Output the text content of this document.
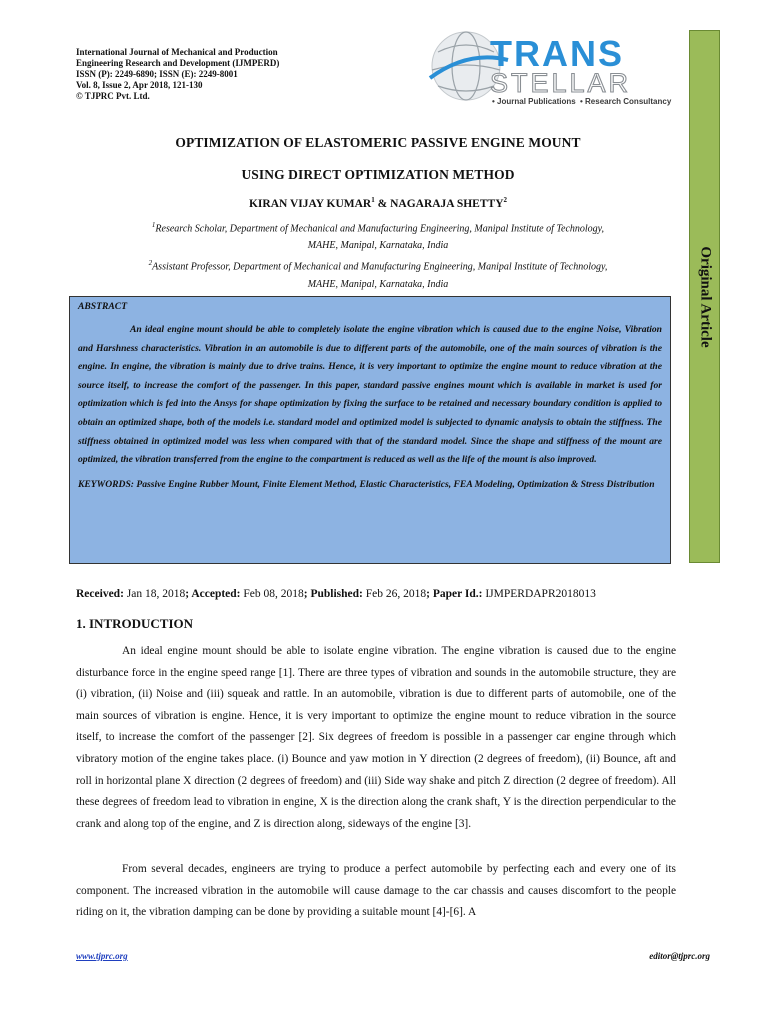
International Journal of Mechanical and Production
Engineering Research and Development (IJMPERD)
ISSN (P): 2249-6890; ISSN (E): 2249-8001
Vol. 8, Issue 2, Apr 2018, 121-130
© TJPRC Pvt. Ltd.
TRANS
STELLAR
• Journal Publications • Research Consultancy
Original Article
OPTIMIZATION OF ELASTOMERIC PASSIVE ENGINE MOUNT
USING DIRECT OPTIMIZATION METHOD
KIRAN VIJAY KUMAR$^1$ & NAGARAJA SHETTY$^2$
$^1$Research Scholar, Department of Mechanical and Manufacturing Engineering, Manipal Institute of Technology,
MAHE, Manipal, Karnataka, India
$^2$Assistant Professor, Department of Mechanical and Manufacturing Engineering, Manipal Institute of Technology,
MAHE, Manipal, Karnataka, India
ABSTRACT
An ideal engine mount should be able to completely isolate the engine vibration which is caused due to the engine Noise, Vibration and Harshness characteristics. Vibration in an automobile is due to different parts of the automobile, one of the main sources of vibration is the engine. In engine, the vibration is mainly due to drive trains. Hence, it is very important to optimize the engine mount to reduce vibration at the source itself, to increase the comfort of the passenger. In this paper, standard passive engines mount which is available in market is used for optimization which is fed into the Ansys for shape optimization by fixing the surface to be retained and necessary boundary condition is applied to obtain an optimized shape, both of the models i.e. standard model and optimized model is subjected to dynamic analysis to obtain the stiffness. The stiffness obtained in optimized model was less when compared with that of the standard model. Since the shape and stiffness of the mount are optimized, the vibration transferred from the engine to the compartment is reduced as well as the life of the mount is also improved.
KEYWORDS: Passive Engine Rubber Mount, Finite Element Method, Elastic Characteristics, FEA Modeling, Optimization & Stress Distribution
Received: Jan 18, 2018; Accepted: Feb 08, 2018; Published: Feb 26, 2018; Paper Id.: IJMPERDAPR2018013
1. INTRODUCTION

An ideal engine mount should be able to isolate engine vibration. The engine vibration is caused due to the engine disturbance force in the engine speed range [1]. There are three types of vibration and sounds in the automobile structure, they are (i) vibration, (ii) Noise and (iii) squeak and rattle. In an automobile, vibration is due to different parts of automobile, one of the main sources of vibration is engine. Hence, it is very important to optimize the engine mount to reduce vibration in the source itself, to increase the comfort of the passenger [2]. Six degrees of freedom is possible in a passenger car engine through which vibratory motion of the engine takes place. (i) Bounce and yaw motion in Y direction (2 degrees of freedom), (ii) Bounce, aft and roll in horizontal plane X direction (2 degrees of freedom) and (iii) Side way shake and pitch Z direction (2 degree of freedom). All these degrees of freedom lead to vibration in engine, X is the direction along the crank shaft, Y is the direction perpendicular to the crank and along top of the engine, and Z is direction along, sideways of the engine [3].

From several decades, engineers are trying to produce a perfect automobile by perfecting each and every one of its component. The increased vibration in the automobile will cause damage to the car chassis and causes discomfort to the people riding on it, the vibration damping can be done by providing a suitable mount [4]-[6]. A

www.tjprc.org	editor@tjprc.org
